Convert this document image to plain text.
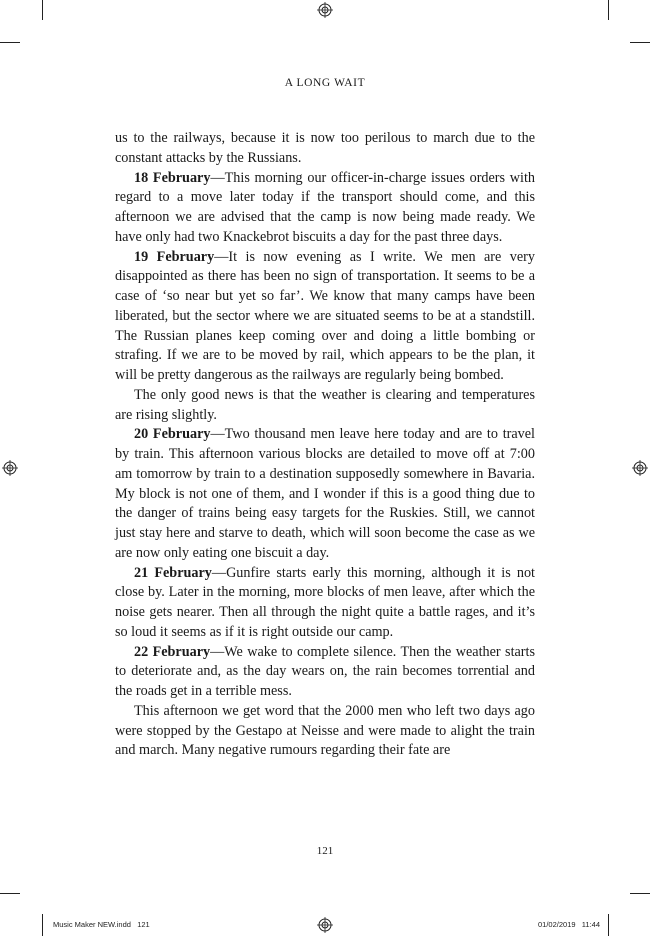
A LONG WAIT

us to the railways, because it is now too perilous to march due to the constant attacks by the Russians.

18 February—This morning our officer-in-charge issues orders with regard to a move later today if the transport should come, and this afternoon we are advised that the camp is now being made ready. We have only had two Knackebrot biscuits a day for the past three days.

19 February—It is now evening as I write. We men are very disappointed as there has been no sign of transportation. It seems to be a case of ‘so near but yet so far’. We know that many camps have been liberated, but the sector where we are situated seems to be at a standstill. The Russian planes keep coming over and doing a little bombing or strafing. If we are to be moved by rail, which appears to be the plan, it will be pretty dangerous as the railways are regularly being bombed.

The only good news is that the weather is clearing and temperatures are rising slightly.

20 February—Two thousand men leave here today and are to travel by train. This afternoon various blocks are detailed to move off at 7:00 am tomorrow by train to a destination supposedly somewhere in Bavaria. My block is not one of them, and I wonder if this is a good thing due to the danger of trains being easy targets for the Ruskies. Still, we cannot just stay here and starve to death, which will soon become the case as we are now only eating one biscuit a day.

21 February—Gunfire starts early this morning, although it is not close by. Later in the morning, more blocks of men leave, after which the noise gets nearer. Then all through the night quite a battle rages, and it’s so loud it seems as if it is right outside our camp.

22 February—We wake to complete silence. Then the weather starts to deteriorate and, as the day wears on, the rain becomes torrential and the roads get in a terrible mess.

This afternoon we get word that the 2000 men who left two days ago were stopped by the Gestapo at Neisse and were made to alight the train and march. Many negative rumours regarding their fate are

121
Music Maker NEW.indd   121	01/02/2019   11:44
